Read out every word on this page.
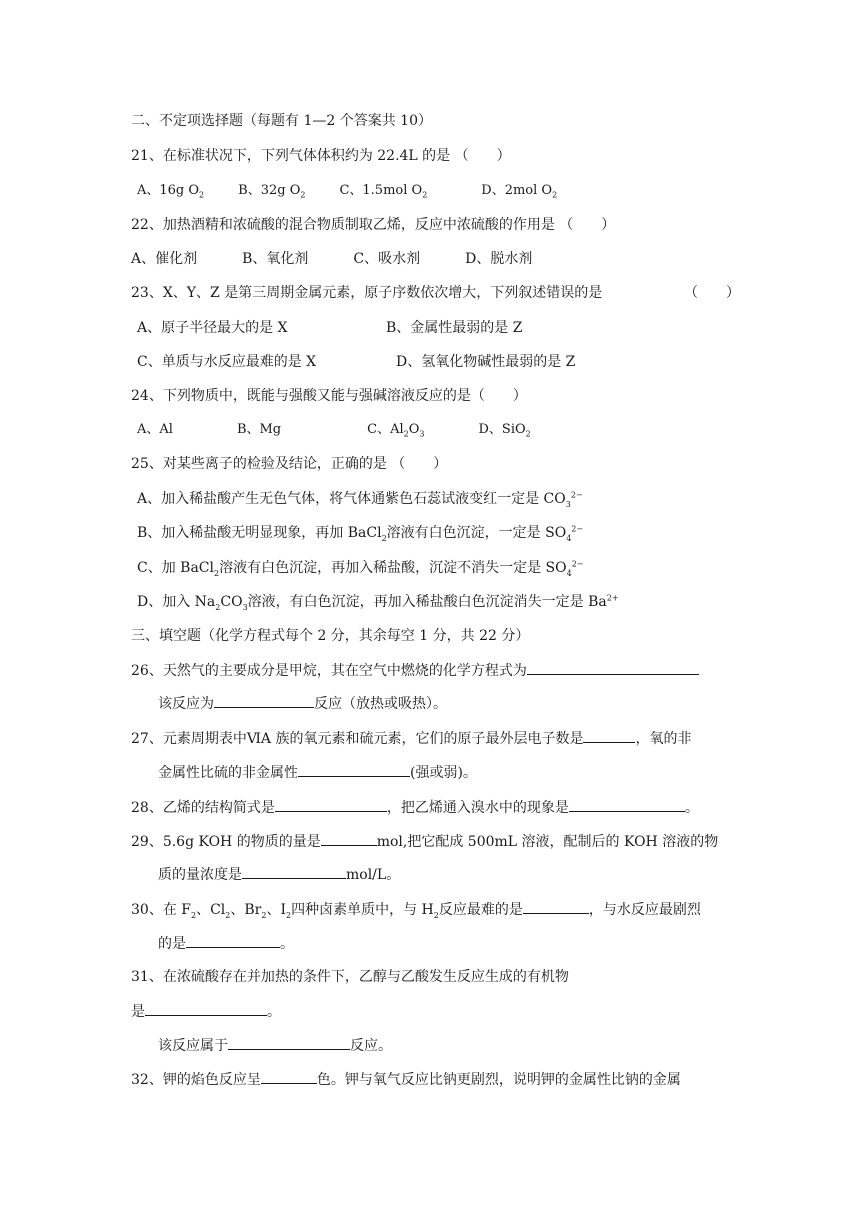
二、不定项选择题（每题有 1—2 个答案共 10）
21、在标准状况下，下列气体体积约为 22.4L 的是 （　　）
A、16g $O_2$	B、32g $O_2$	C、1.5mol $O_2$	D、2mol $O_2$
22、加热酒精和浓硫酸的混合物质制取乙烯，反应中浓硫酸的作用是 （　　）
A、催化剂	B、氧化剂	C、吸水剂	D、脱水剂
23、X、Y、Z 是第三周期金属元素，原子序数依次增大，下列叙述错误的是	（　　）
A、原子半径最大的是 X	B、金属性最弱的是 Z
C、单质与水反应最难的是 X	D、氢氧化物碱性最弱的是 Z
24、下列物质中，既能与强酸又能与强碱溶液反应的是（　　）
A、Al	B、Mg	C、$Al_2O_3$	D、SiO$_2$
25、对某些离子的检验及结论，正确的是 （　　）
A、加入稀盐酸产生无色气体，将气体通紫色石蕊试液变红一定是 $CO_3^{2-}$
B、加入稀盐酸无明显现象，再加 BaCl$_2$溶液有白色沉淀，一定是 $SO_4^{2-}$
C、加 BaCl$_2$溶液有白色沉淀，再加入稀盐酸，沉淀不消失一定是 $SO_4^{2-}$
D、加入 $Na_2CO_3$溶液，有白色沉淀，再加入稀盐酸白色沉淀消失一定是 $Ba^{2+}$
三、填空题（化学方程式每个 2 分，其余每空 1 分，共 22 分）
26、天然气的主要成分是甲烷，其在空气中燃烧的化学方程式为
该反应为	反应（放热或吸热）。
27、元素周期表中ⅥA 族的氧元素和硫元素，它们的原子最外层电子数是	，氧的非
金属性比硫的非金属性	(强或弱)。
28、乙烯的结构简式是	，把乙烯通入溴水中的现象是	。
29、5.6g KOH 的物质的量是	mol,把它配成 500mL 溶液，配制后的 KOH 溶液的物
质的量浓度是	mol/L。
30、在 $F_2$、$Cl_2$、$Br_2$、$I_2$四种卤素单质中，与 $H_2$反应最难的是	，与水反应最剧烈
的是	。
31、在浓硫酸存在并加热的条件下，乙醇与乙酸发生反应生成的有机物
是	。
该反应属于	反应。
32、钾的焰色反应呈	色。钾与氧气反应比钠更剧烈，说明钾的金属性比钠的金属
